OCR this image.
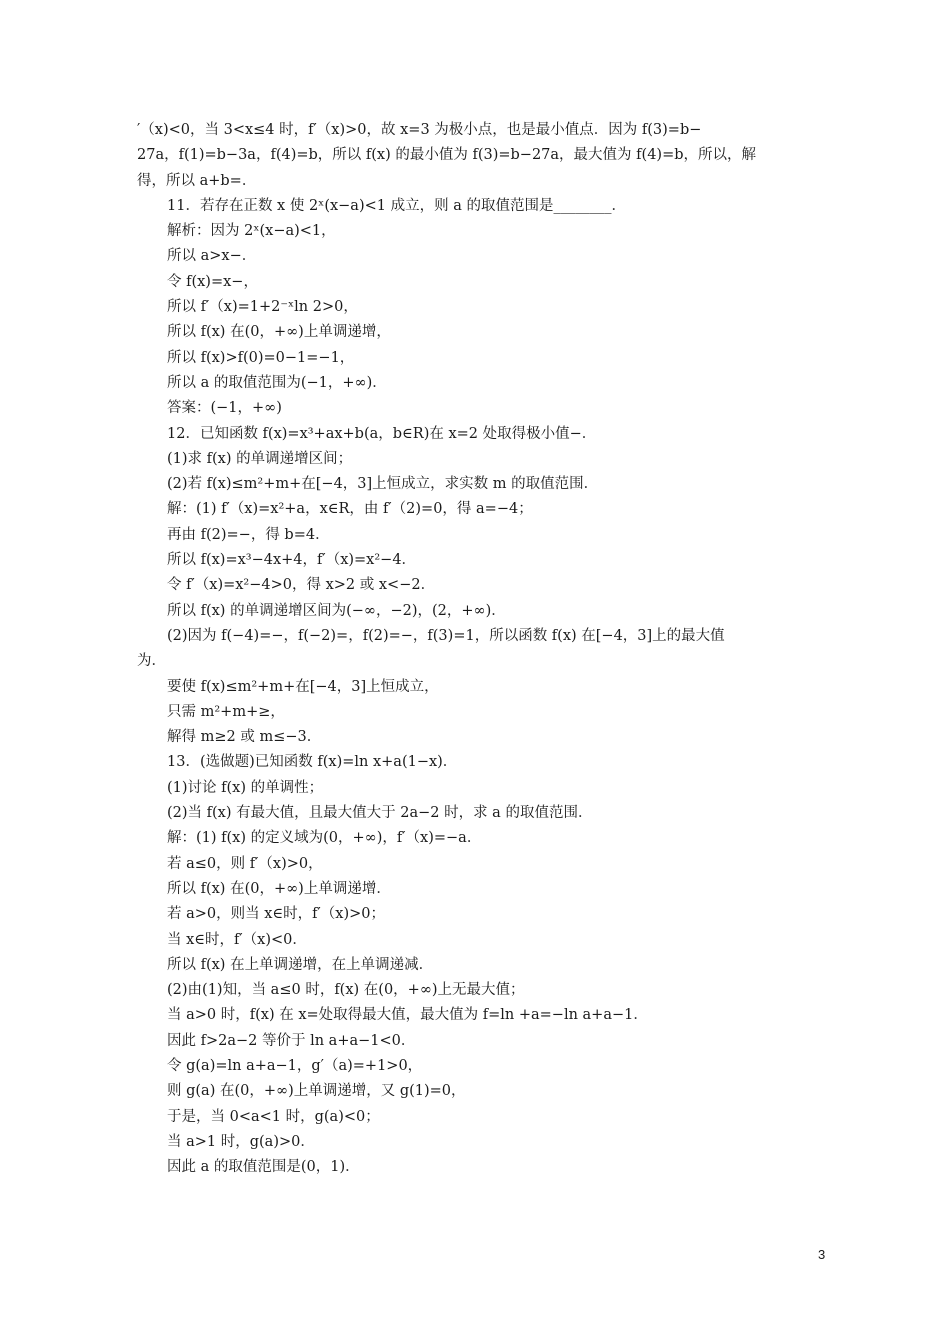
′（x)<0，当 3<x≤4 时，f′（x)>0，故 x=3 为极小点，也是最小值点．因为 f(3)=b−
27a，f(1)=b−3a，f(4)=b，所以 f(x) 的最小值为 f(3)=b−27a，最大值为 f(4)=b，所以，解
得，所以 a+b=．
11．若存在正数 x 使 2ˣ(x−a)<1 成立，则 a 的取值范围是________．
解析：因为 2ˣ(x−a)<1，
所以 a>x−．
令 f(x)=x−，
所以 f′（x)=1+2⁻ˣln 2>0，
所以 f(x) 在(0，+∞)上单调递增，
所以 f(x)>f(0)=0−1=−1，
所以 a 的取值范围为(−1，+∞)．
答案：(−1，+∞)
12．已知函数 f(x)=x³+ax+b(a，b∈R)在 x=2 处取得极小值−．
(1)求 f(x) 的单调递增区间；
(2)若 f(x)≤m²+m+在[−4，3]上恒成立，求实数 m 的取值范围．
解：(1) f′（x)=x²+a，x∈R，由 f′（2)=0，得 a=−4；
再由 f(2)=−，得 b=4．
所以 f(x)=x³−4x+4，f′（x)=x²−4．
令 f′（x)=x²−4>0，得 x>2 或 x<−2．
所以 f(x) 的单调递增区间为(−∞，−2)，(2，+∞)．
(2)因为 f(−4)=−，f(−2)=，f(2)=−，f(3)=1，所以函数 f(x) 在[−4，3]上的最大值
为．
要使 f(x)≤m²+m+在[−4，3]上恒成立，
只需 m²+m+≥，
解得 m≥2 或 m≤−3．
13．(选做题)已知函数 f(x)=ln x+a(1−x)．
(1)讨论 f(x) 的单调性；
(2)当 f(x) 有最大值，且最大值大于 2a−2 时，求 a 的取值范围．
解：(1) f(x) 的定义域为(0，+∞)，f′（x)=−a．
若 a≤0，则 f′（x)>0，
所以 f(x) 在(0，+∞)上单调递增．
若 a>0，则当 x∈时，f′（x)>0；
当 x∈时，f′（x)<0．
所以 f(x) 在上单调递增，在上单调递减．
(2)由(1)知，当 a≤0 时，f(x) 在(0，+∞)上无最大值；
当 a>0 时，f(x) 在 x=处取得最大值，最大值为 f=ln +a=−ln a+a−1．
因此 f>2a−2 等价于 ln a+a−1<0．
令 g(a)=ln a+a−1，g′（a)=+1>0，
则 g(a) 在(0，+∞)上单调递增，又 g(1)=0，
于是，当 0<a<1 时，g(a)<0；
当 a>1 时，g(a)>0．
因此 a 的取值范围是(0，1)．
3
